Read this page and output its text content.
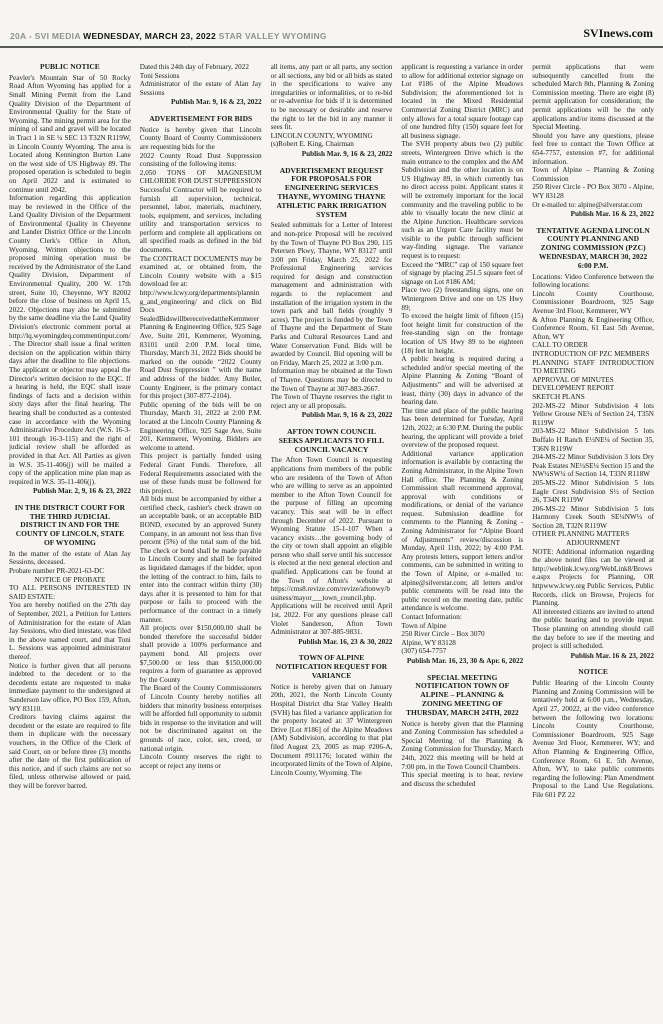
20A - SVI MEDIA WEDNESDAY, MARCH 23, 2022 STAR VALLEY WYOMING	SVInews.com
PUBLIC NOTICE
Peavler's Mountain Star of 50 Rocky Road Afton Wyoming has applied for a Small Mining Permit from the Land Quality Division of the Department of Environmental Quality for the State of Wyoming. The mining permit area for the mining of sand and gravel will be located in Tract 1 in SE ¼ SEC 13 T32N R119W, in Lincoln County Wyoming. The area is Located along Kennington Burton Lane on the west side of US Highway 89. The proposed operation is scheduled to begin on April 2022 and is estimated to continue until 2042.
Information regarding this application may be reviewed in the Office of the Land Quality Division of the Department of Environmental Quality in Cheyenne and Lander District Office or the Lincoln County Clerk's Office in Afton, Wyoming. Written objections to the proposed mining operation must be received by the Administrator of the Land Quality Division, Department of Environmental Quality, 200 W. 17th street, Suite 10, Cheyenne, WY 82002 before the close of business on April 15, 2022. Objections may also be submitted by the same deadline via the Land Quality Division's electronic comment portal at http://lq.wyomingdeq.commentinput.com/. The Director shall issue a final written decision on the application within thirty days after the deadline to file objections. The applicant or objector may appeal the Director's written decision to the EQC. If a hearing is held, the EQC shall issue findings of facts and a decision within sixty days after the final hearing. The hearing shall be conducted as a contested case in accordance with the Wyoming Administrative Procedure Act (W.S. 16-3-101 through 16-3-115) and the right of judicial review shall be afforded as provided in that Act. All Parties as given in W.S. 35-11-406(j) will be mailed a copy of the application mine plan map as required in W.S. 35-11-406(j).
Publish Mar. 2, 9, 16 & 23, 2022
IN THE DISTRICT COURT FOR THE THIRD JUDICIAL DISTRICT IN AND FOR THE COUNTY OF LINCOLN, STATE OF WYOMING
In the matter of the estate of Alan Jay Sessions, deceased.
Probate number PR-2021-63-DC
NOTICE OF PROBATE
TO ALL PERSONS INTERESTED IN SAID ESTATE:
You are hereby notified on the 27th day of September, 2021, a Petition for Letters of Administration for the estate of Alan Jay Sessions, who died intestate, was filed in the above named court, and that Toni L. Sessions was appointed administrator thereof.
Notice is further given that all persons indebted to the decedent or to the decedents estate are requested to make immediate payment to the undersigned at Sanderson law office, PO Box 159, Afton, WY 83110.
Creditors having claims against the decedent or the estate are required to file them in duplicate with the necessary vouchers, in the Office of the Clerk of said Court, on or before three (3) months after the date of the first publication of this notice, and if such claims are not so filed, unless otherwise allowed or paid, they will be forever barred.
Dated this 24th day of February, 2022
Toni Sessions
Administrator of the estate of Alan Jay Sessions
Publish Mar. 9, 16 & 23, 2022
ADVERTISEMENT FOR BIDS
Notice is hereby given that Lincoln County Board of County Commissioners are requesting bids for the
2022 County Road Dust Suppression consisting of the following items:
2,050 TONS OF MAGNESIUM CHLORIDE FOR DUST SUPPRESSION
Successful Contractor will be required to furnish all supervision, technical, personnel, labor, materials, machinery, tools, equipment, and services, including utility and transportation services to perform and complete all applications on all specified roads as defined in the bid documents.
The CONTRACT DOCUMENTS may be examined at, or obtained from, the Lincoln County website with a $15 download fee at:
http://www.lcwy.org/departments/planning_and_engineering/ and click on Bid Docs
SealedBidswillbereceivedattheKemmerer Planning & Engineering Office, 925 Sage Ave, Suite 201, Kemmerer, Wyoming, 83101 until 2:00 P.M. local time, Thursday, March 31, 2022 Bids should be marked on the outside “2022 County Road Dust Suppression ” with the name and address of the bidder. Amy Butler, County Engineer, is the primary contact for this project (307-877-2104).
Public opening of the bids will be on Thursday, March 31, 2022 at 2:00 P.M. located at the Lincoln County Planning & Engineering Office, 925 Sage Ave, Suite 201, Kemmerer, Wyoming. Bidders are welcome to attend.
This project is partially funded using Federal Grant Funds. Therefore, all Federal Requirements associated with the use of these funds must be followed for this project.
All bids must be accompanied by either a certified check, cashier's check drawn on an acceptable bank, or an acceptable BID BOND, executed by an approved Surety Company, in an amount not less than five percent (5%) of the total sum of the bid. The check or bond shall be made payable to Lincoln County and shall be forfeited as liquidated damages if the bidder, upon the letting of the contract to him, fails to enter into the contract within thirty (30) days after it is presented to him for that purpose or fails to proceed with the performance of the contract in a timely manner.
All projects over $150,000.00 shall be bonded therefore the successful bidder shall provide a 100% performance and payment bond. All projects over $7,500.00 or less than $150,000.00 requires a form of guarantee as approved by the County
The Board of the County Commissioners of Lincoln County hereby notifies all bidders that minority business enterprises will be afforded full opportunity to submit bids in response to the invitation and will not be discriminated against on the grounds of race, color, sex, creed, or national origin.
Lincoln County reserves the right to accept or reject any items or
all items, any part or all parts, any section or all sections, any bid or all bids as stated in the specifications to waive any irregularities or informalities, or to re-bid or re-advertise for bids if it is determined to be necessary or desirable and reserve the right to let the bid in any manner it sees fit.
LINCOLN COUNTY, WYOMING
(s)Robert E. King, Chairman
Publish Mar. 9, 16 & 23, 2022
ADVERTISEMENT REQUEST FOR PROPOSALS FOR ENGINEERING SERVICES THAYNE, WYOMING THAYNE ATHLETIC PARK IRRIGATION SYSTEM
Sealed submittals for a Letter of Interest and non-price Proposal will be received by the Town of Thayne PO Box 290, 115 Petersen Pkwy, Thayne, WY 83127 until 3:00 pm Friday, March 25, 2022 for Professional Engineering services required for design and construction management and administration with regards to the replacement and installation of the irrigation system in the town park and ball fields (roughly 9 acres). The project is funded by the Town of Thayne and the Department of State Parks and Cultural Resources Land and Water Conservation Fund. Bids will be awarded by Council. Bid opening will be on Friday, March 25, 2022 at 3:00 p.m.
Information may be obtained at the Town of Thayne. Questions may be directed to the Town of Thayne at 307-883-2667.
The Town of Thayne reserves the right to reject any or all proposals.
Publish Mar. 9, 16 & 23, 2022
AFTON TOWN COUNCIL SEEKS APPLICANTS TO FILL COUNCIL VACANCY
The Afton Town Council is requesting applications from members of the public who are residents of the Town of Afton who are willing to serve as an appointed member to the Afton Town Council for the purpose of filling an upcoming vacancy. This seat will be in effect through December of 2022. Pursuant to Wyoming Statute 15-1-107 When a vacancy exists…the governing body of the city or town shall appoint an eligible person who shall serve until his successor is elected at the next general election and qualified. Applications can be found at the Town of Afton's website at https://cms8.revize.com/revize/aftonwy/business/mayor___town_council.php.
Applications will be received until April 1st, 2022. For any questions please call Violet Sanderson, Afton Town Administrator at 307-885-9831.
Publish Mar. 16, 23 & 30, 2022
TOWN OF ALPINE NOTIFICATION REQUEST FOR VARIANCE
Notice is hereby given that on January 20th, 2021, the North Lincoln County Hospital District dba Star Valley Health (SVH) has filed a variance application for the property located at: 37 Wintergreen Drive [Lot #186] of the Alpine Meadows (AM) Subdivision, according to that plat filed August 23, 2005 as map #206-A, Document #911176; located within the incorporated limits of the Town of Alpine, Lincoln County, Wyoming. The
applicant is requesting a variance in order to allow for additional exterior signage on Lot #186 of the Alpine Meadows Subdivision; the aforementioned lot is located in the Mixed Residential Commercial Zoning District (MRC) and only allows for a total square footage cap of one hundred fifty (150) square feet for all business signage.
The SVH property abuts two (2) public streets, Wintergreen Drive which is the main entrance to the complex and the AM Subdivision and the other location is on US Highway 89, in which currently has no direct access point. Applicant states it will be extremely important for the local community and the traveling public to be able to visually locate the new clinic at the Alpine Junction. Healthcare services such as an Urgent Care facility must be visible to the public through sufficient way-finding signage. The variance request is to request:
Exceed the “MRC” cap of 150 square feet of signage by placing 251.5 square feet of signage on Lot #186 AM;
Place two (2) freestanding signs, one on Wintergreen Drive and one on US Hwy 89;
To exceed the height limit of fifteen (15) foot height limit for construction of the free-standing sign on the frontage location of US Hwy 89 to be eighteen (18) feet in height.
A public hearing is required during a scheduled and/or special meeting of the Alpine Planning & Zoning “Board of Adjustments” and will be advertised at least, thirty (30) days in advance of the hearing date.
The time and place of the public hearing has been determined for Tuesday, April 12th, 2022; at 6:30 P.M. During the public hearing, the applicant will provide a brief overview of the proposed request.
Additional variance application information is available by contacting the Zoning Administrator, in the Alpine Town Hall office. The Planning & Zoning Commission shall recommend approval, approval with conditions or modifications, or denial of the variance request. Submission deadline for comments to the Planning & Zoning - Zoning Administrator for “Alpine Board of Adjustments” review/discussion is Monday, April 11th, 2022; by 4:00 P.M. Any protests letters, support letters and/or comments, can be submitted in writing to the Town of Alpine, or e-mailed to: alpine@silverstar.com; all letters and/or public comments will be read into the public record on the meeting date, public attendance is welcome.
Contact Information:
Town of Alpine
250 River Circle – Box 3070
Alpine, WY 83128
(307) 654-7757
Publish Mar. 16, 23, 30 & Apr. 6, 2022
SPECIAL MEETING NOTIFICATION TOWN OF ALPINE – PLANNING & ZONING MEETING OF THURSDAY, MARCH 24TH, 2022
Notice is hereby given that the Planning and Zoning Commission has scheduled a Special Meeting of the Planning & Zoning Commission for Thursday, March 24th, 2022 this meeting will be held at 7:00 pm, in the Town Council Chambers.
This special meeting is to hear, review and discuss the scheduled
permit applications that were subsequently cancelled from the scheduled March 8th, Planning & Zoning Commission meeting. There are eight (8) permit application for consideration; the permit applications will be the only applications and/or items discussed at the Special Meeting.
Should you have any questions, please feel free to contact the Town Office at 654-7757, extension #7, for additional information.
Town of Alpine – Planning & Zoning Commission
250 River Circle - PO Box 3070 - Alpine, WY 83128
Or e-mailed to: alpine@silverstar.com
Publish Mar. 16 & 23, 2022
TENTATIVE AGENDA LINCOLN COUNTY PLANNING AND ZONING COMMISSION (PZC) WEDNESDAY, MARCH 30, 2022 6:00 P.M.
Locations: Video Conference between the following locations:
Lincoln County Courthouse, Commissioner Boardroom, 925 Sage Avenue 3rd Floor, Kemmerer, WY
& Afton Planning & Engineering Office, Conference Room, 61 East 5th Avenue, Afton, WY
CALL TO ORDER
INTRODUCTION OF PZC MEMBERS
PLANNING STAFF INTRODUCTION TO MEETING
APPROVAL OF MINUTES
DEVELOPMENT REPORT
SKETCH PLANS
202-MS-22 Minor Subdivision 4 lots Yellow Grouse NE¼ of Section 24, T35N R119W
203-MS-22 Minor Subdivision 5 lots Buffalo H Ranch E½NE¼ of Section 35, T36N R119W
204-MS-22 Minor Subdivision 3 lots Dry Peak Estates NE¼SE¼ Section 15 and the NW¼SW¼ of Section 14, T33N R118W
205-MS-22 Minor Subdivision 5 lots Eagle Crest Subdivision S½ of Section 26, T34N R119W
206-MS-22 Minor Subdivision 5 lots Harmony Creek South SE¼NW¼ of Section 28, T32N R119W
OTHER PLANNING MATTERS
ADJOURNMENT
NOTE: Additional information regarding the above noted files can be viewed at http://weblink.lcwy.org/WebLink8/Browse.aspx Projects for Planning, OR httpwww.lcwy.org Public Services, Public Records, click on Browse, Projects for Planning.
All interested citizens are invited to attend the public hearing and to provide input. Those planning on attending should call the day before to see if the meeting and project is still scheduled.
Publish Mar. 16 & 23, 2022
NOTICE
Public Hearing of the Lincoln County Planning and Zoning Commission will be tentatively held at 6:00 p.m., Wednesday, April 27, 20022, at the video conference between the following two locations: Lincoln County Courthouse, Commissioner Boardroom, 925 Sage Avenue 3rd Floor, Kemmerer, WY; and Afton Planning & Engineering Office, Conference Room, 61 E. 5th Avenue, Afton, WY, to take public comments regarding the following: Plan Amendment Proposal to the Land Use Regulations. File 601 PZ 22
